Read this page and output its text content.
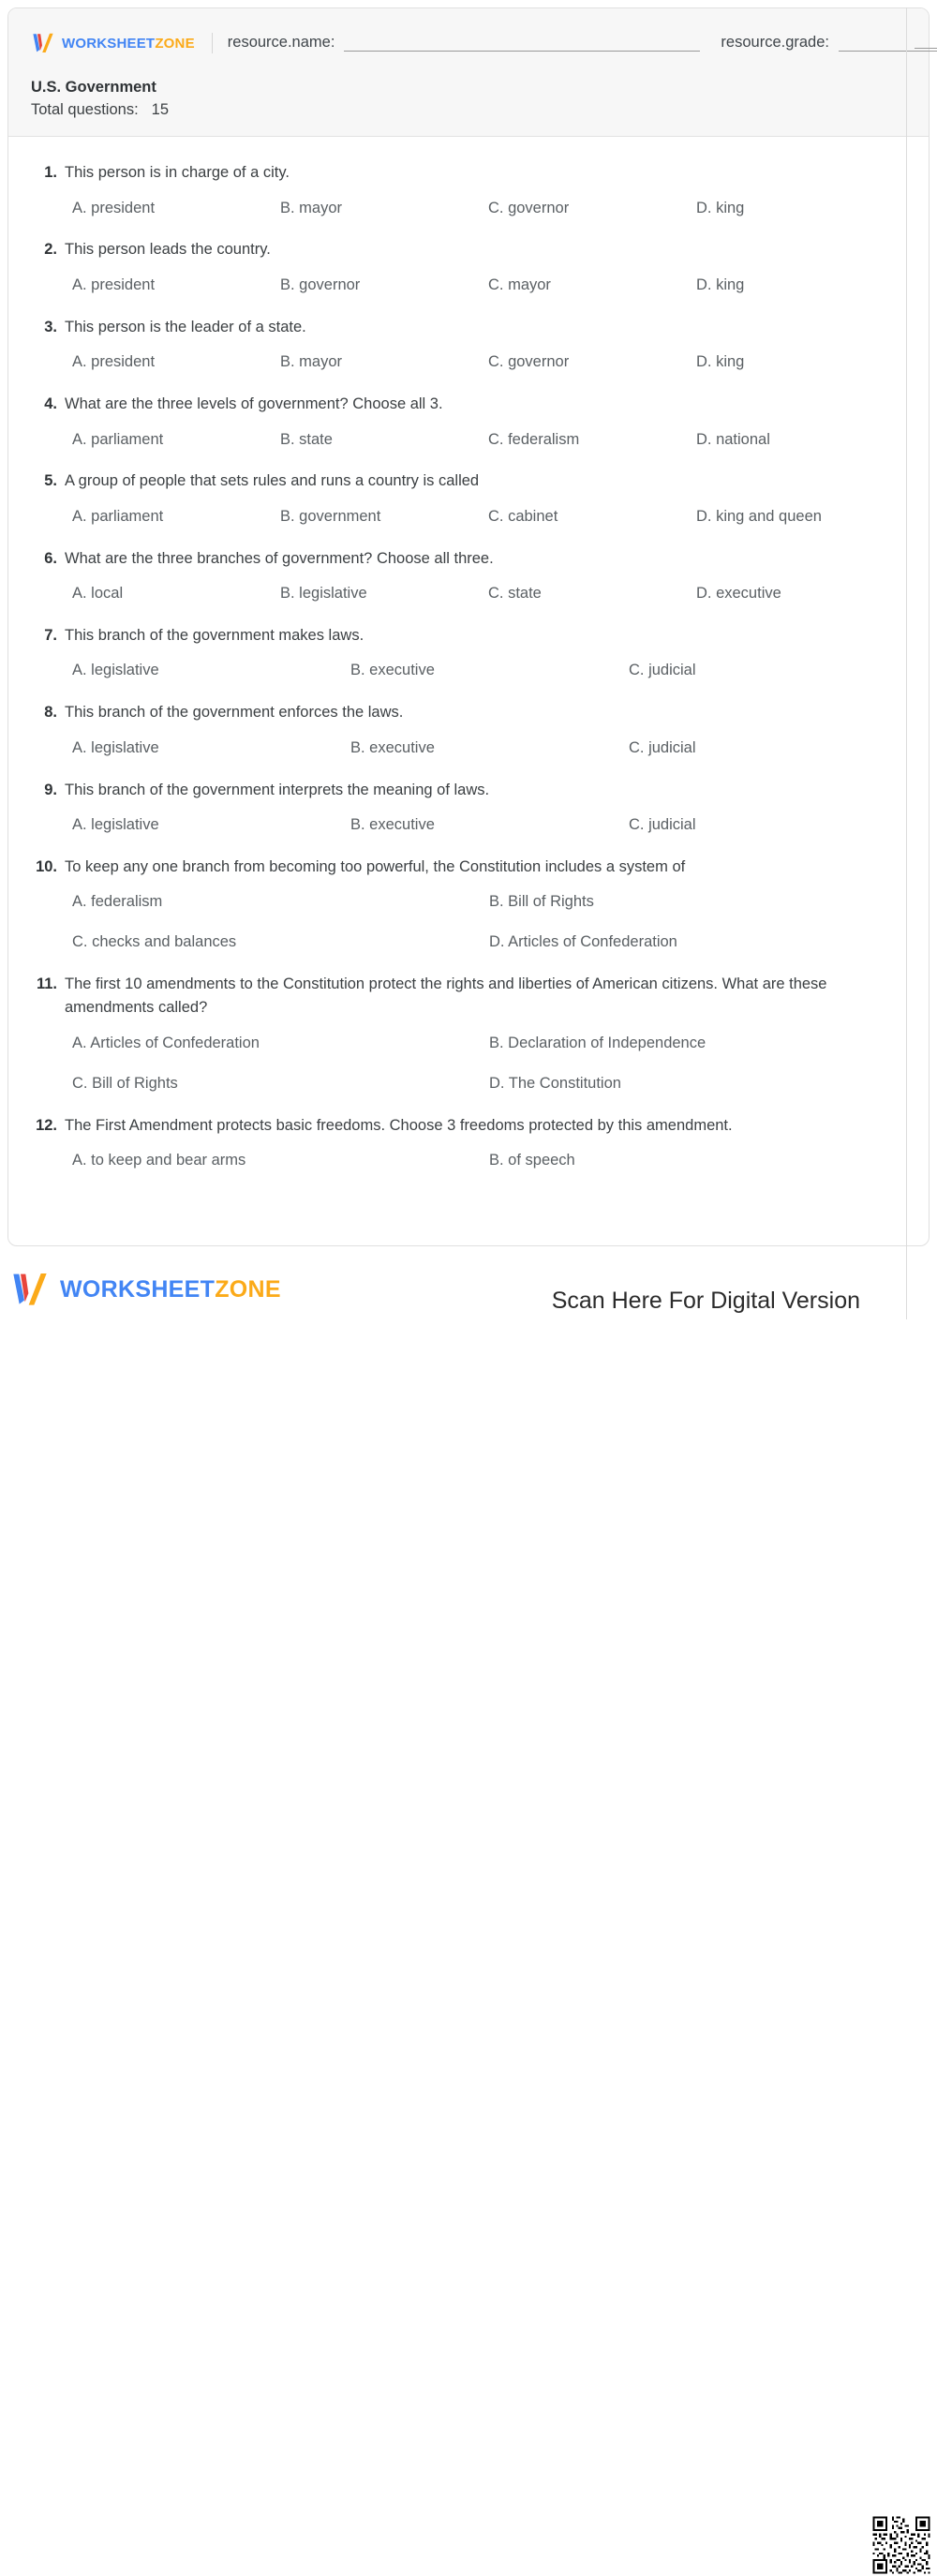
WORKSHEETZONE resource.name:	resource.grade:
U.S. Government
Total questions: 15
1. This person is in charge of a city.
A. president	B. mayor	C. governor	D. king
2. This person leads the country.
A. president	B. governor	C. mayor	D. king
3. This person is the leader of a state.
A. president	B. mayor	C. governor	D. king
4. What are the three levels of government? Choose all 3.
A. parliament	B. state	C. federalism	D. national
5. A group of people that sets rules and runs a country is called
A. parliament	B. government	C. cabinet	D. king and queen
6. What are the three branches of government? Choose all three.
A. local	B. legislative	C. state	D. executive
7. This branch of the government makes laws.
A. legislative	B. executive	C. judicial
8. This branch of the government enforces the laws.
A. legislative	B. executive	C. judicial
9. This branch of the government interprets the meaning of laws.
A. legislative	B. executive	C. judicial
10. To keep any one branch from becoming too powerful, the Constitution includes a system of
A. federalism	B. Bill of Rights
C. checks and balances	D. Articles of Confederation
11. The first 10 amendments to the Constitution protect the rights and liberties of American citizens. What are these amendments called?
A. Articles of Confederation	B. Declaration of Independence
C. Bill of Rights	D. The Constitution
12. The First Amendment protects basic freedoms. Choose 3 freedoms protected by this amendment.
A. to keep and bear arms	B. of speech
WORKSHEETZONE	Scan Here For Digital Version
